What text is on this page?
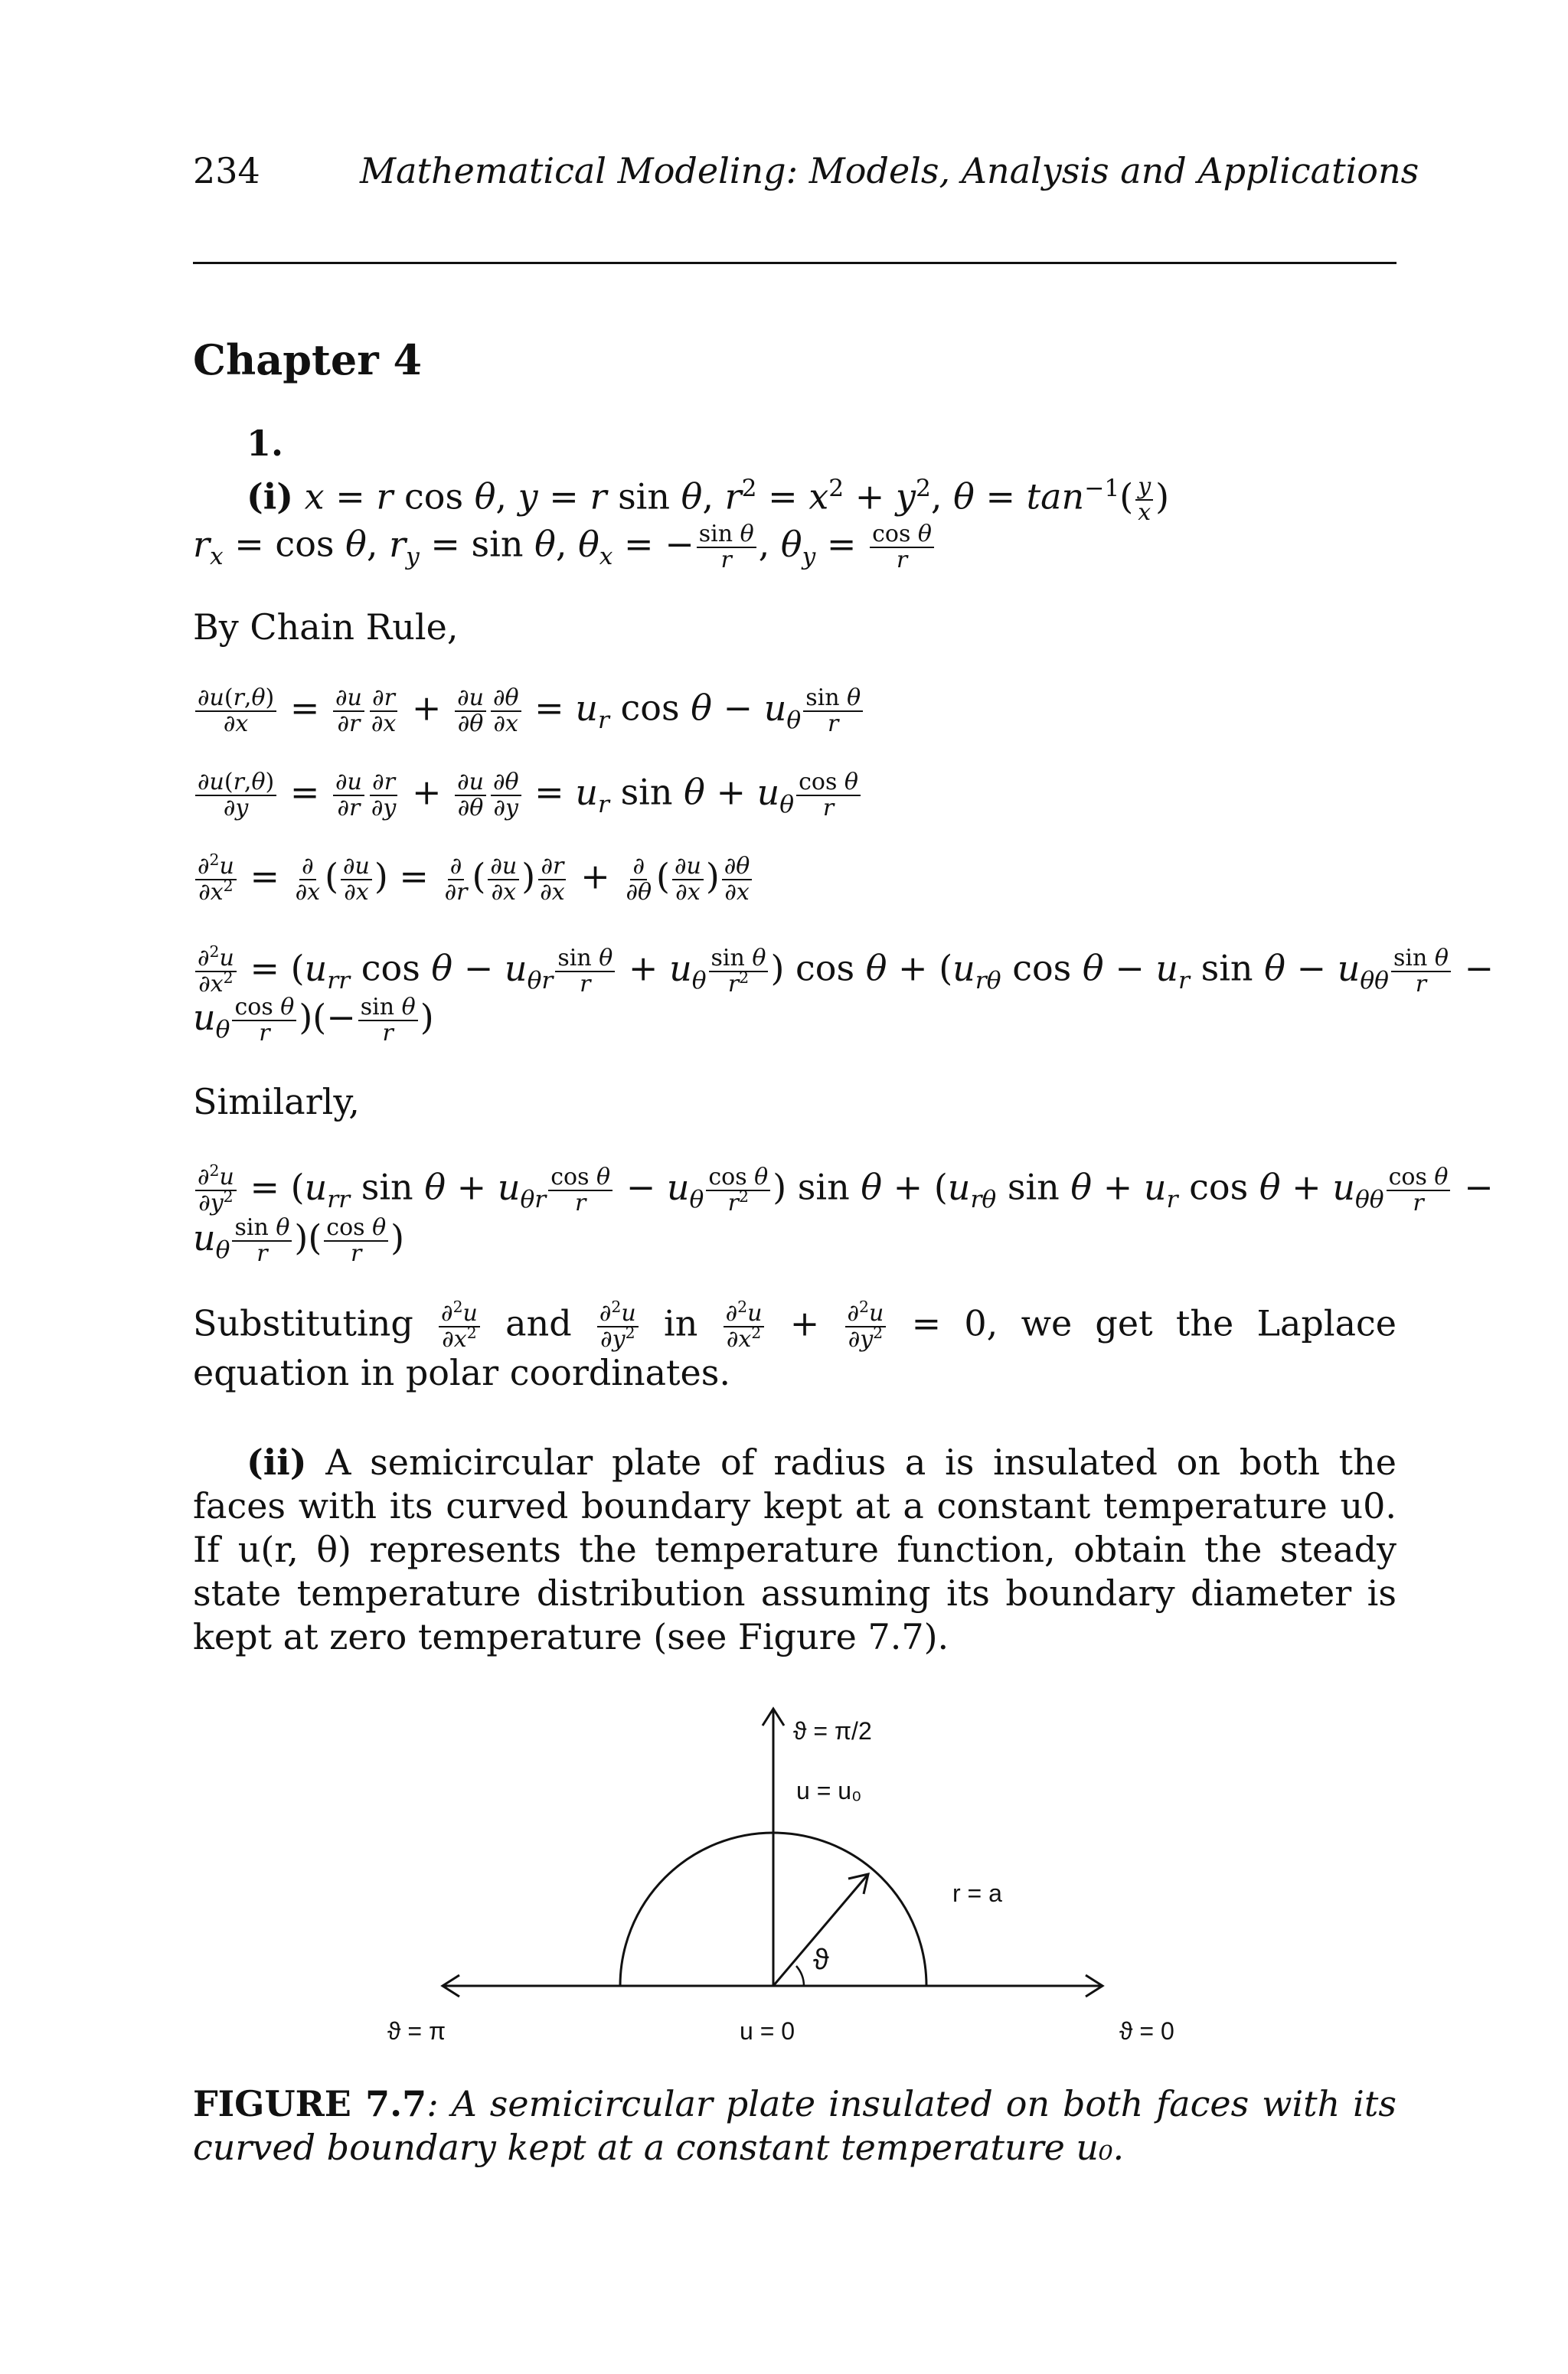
234	Mathematical Modeling: Models, Analysis and Applications
Chapter 4
1.
(i) x = r cos θ, y = r sin θ, $r^2 = x^2 + y^2$, $\theta = \tan^{-1}( \frac{y}{x}$ )
$r_x = \cos \theta$, $r_y = \sin \theta$, $\theta_x$ = − $\frac{\text{sin θ}}{r}$ , $\theta_y = \frac{\text{cos θ}}{r}$
By Chain Rule,
$\frac{\partial u(r,\theta)}{\partial x} = \frac{\partial u}{\partial r} \frac{\partial r}{\partial x} + \frac{\partial u}{\partial\theta} \frac{\partial\theta}{\partial x} = u_r$ $\cos \theta - u_\theta \frac{\text{sin θ}}{r}$
$\frac{\partial u(r,\theta)}{\partial y} = \frac{\partial u}{\partial r} \frac{\partial r}{\partial y} + \frac{\partial u}{\partial\theta} \frac{\partial\theta}{\partial y} = u_r$ $\sin \theta + u_\theta \frac{\text{cos θ}}{r}$
$\frac{\partial^2u}{\partial x^2} = \frac{\partial}{\partial x}$ ( $\frac{\partial u}{\partial x}$ ) = $\frac{\partial}{\partial r}$ ( $\frac{\partial u}{\partial x}$ ) $\frac{\partial r}{\partial x} + \frac{\partial}{\partial\theta}$ ( $\frac{\partial u}{\partial x}$ ) $\frac{\partial\theta}{\partial x}$
$\frac{\partial^2u}{\partial x^2} = (u_{rr}$ $\cos \theta - u_{\theta r} \frac{\text{sin θ}}{r} + u_\theta \frac{\text{sin θ}}{r^2}$ ) $\cos \theta + (u_{r\theta}$ $\cos \theta - u_r$ $\sin \theta - u_{\theta\theta} \frac{\text{sin θ}}{r}$ −
$u_\theta \frac{\text{cos θ}}{r}$ )(− $\frac{\text{sin θ}}{r}$ )
Similarly,
$\frac{\partial^2u}{\partial y^2} = (u_{rr}$ $\sin \theta + u_{\theta r} \frac{\text{cos θ}}{r} - u_\theta \frac{\text{cos θ}}{r^2}$ ) $\sin \theta + (u_{r\theta}$ $\sin \theta + u_r$ $\cos \theta + u_{\theta\theta} \frac{\text{cos θ}}{r}$ −
$u_\theta \frac{\text{sin θ}}{r}$ )( $\frac{\text{cos θ}}{r}$ )
Substituting $\frac{\partial^2u}{\partial x^2}$ and $\frac{\partial^2u}{\partial y^2}$ in $\frac{\partial^2u}{\partial x^2} + \frac{\partial^2u}{\partial y^2} = 0$, we get the Laplace equation in polar coordinates.
(ii) A semicircular plate of radius a is insulated on both the faces with its curved boundary kept at a constant temperature u0. If u(r, θ) represents the temperature function, obtain the steady state temperature distribution assuming its boundary diameter is kept at zero temperature (see Figure 7.7).
ϑ = π/2
u = u₀
r = a
ϑ
ϑ = π	u = 0	ϑ = 0
FIGURE 7.7: A semicircular plate insulated on both faces with its curved boundary kept at a constant temperature u₀.
